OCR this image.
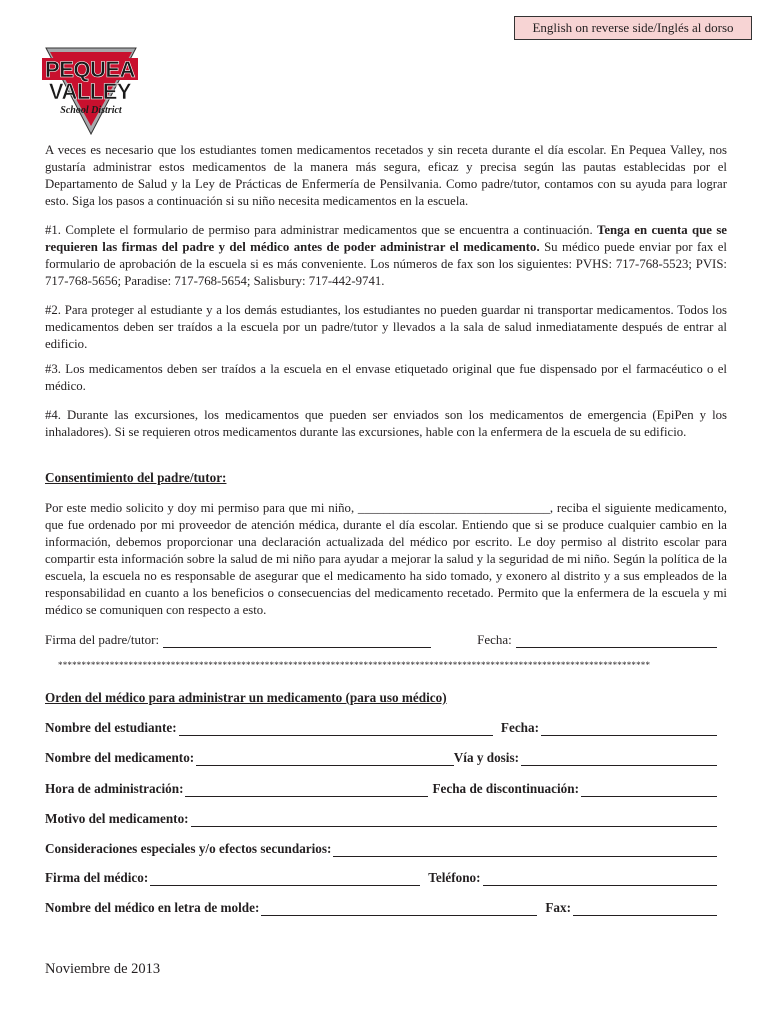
English on reverse side/Inglés al dorso
PEQUEA
VALLEY
School District

A veces es necesario que los estudiantes tomen medicamentos recetados y sin receta durante el día escolar. En Pequea Valley, nos gustaría administrar estos medicamentos de la manera más segura, eficaz y precisa según las pautas establecidas por el Departamento de Salud y la Ley de Prácticas de Enfermería de Pensilvania. Como padre/tutor, contamos con su ayuda para lograr esto. Siga los pasos a continuación si su niño necesita medicamentos en la escuela.

#1. Complete el formulario de permiso para administrar medicamentos que se encuentra a continuación. Tenga en cuenta que se requieren las firmas del padre y del médico antes de poder administrar el medicamento. Su médico puede enviar por fax el formulario de aprobación de la escuela si es más conveniente. Los números de fax son los siguientes: PVHS: 717-768-5523; PVIS: 717-768-5656; Paradise: 717-768-5654; Salisbury: 717-442-9741.

#2. Para proteger al estudiante y a los demás estudiantes, los estudiantes no pueden guardar ni transportar medicamentos. Todos los medicamentos deben ser traídos a la escuela por un padre/tutor y llevados a la sala de salud inmediatamente después de entrar al edificio.

#3. Los medicamentos deben ser traídos a la escuela en el envase etiquetado original que fue dispensado por el farmacéutico o el médico.

#4. Durante las excursiones, los medicamentos que pueden ser enviados son los medicamentos de emergencia (EpiPen y los inhaladores). Si se requieren otros medicamentos durante las excursiones, hable con la enfermera de la escuela de su edificio.

Consentimiento del padre/tutor:

Por este medio solicito y doy mi permiso para que mi niño, ______________________________, reciba el siguiente medicamento, que fue ordenado por mi proveedor de atención médica, durante el día escolar. Entiendo que si se produce cualquier cambio en la información, debemos proporcionar una declaración actualizada del médico por escrito. Le doy permiso al distrito escolar para compartir esta información sobre la salud de mi niño para ayudar a mejorar la salud y la seguridad de mi niño. Según la política de la escuela, la escuela no es responsable de asegurar que el medicamento ha sido tomado, y exonero al distrito y a sus empleados de la responsabilidad en cuanto a los beneficios o consecuencias del medicamento recetado. Permito que la enfermera de la escuela y mi médico se comuniquen con respecto a esto.

Firma del padre/tutor:	Fecha:
******************************************************************************************************************************

Orden del médico para administrar un medicamento (para uso médico)

Nombre del estudiante:	Fecha:
Nombre del medicamento:	Vía y dosis:
Hora de administración:	Fecha de discontinuación:
Motivo del medicamento:
Consideraciones especiales y/o efectos secundarios:
Firma del médico:	Teléfono:
Nombre del médico en letra de molde:	Fax:
Noviembre de 2013
